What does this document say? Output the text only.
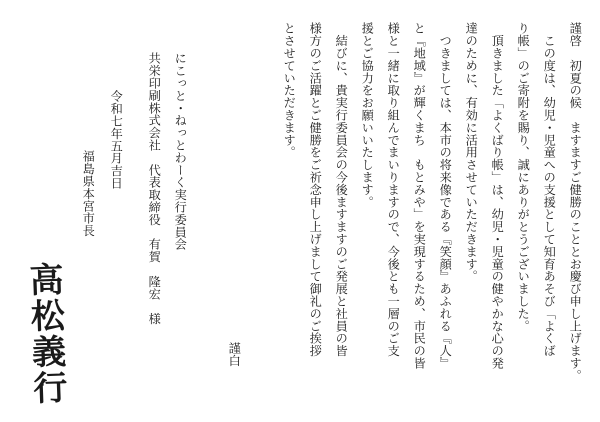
謹啓　初夏の候　ますますご健勝のこととお慶び申し上げます。
　この度は、幼児・児童への支援として知育あそび「よくば
り帳」のご寄附を賜り、誠にありがとうございました。
　頂きました「よくばり帳」は、幼児・児童の健やかな心の発
達のために、有効に活用させていただきます。
　つきましては、本市の将来像である『笑顔』あふれる『人』
と『地域』が輝くまち　もとみや」を実現するため、市民の皆
様と一緒に取り組んでまいりますので、今後とも一層のご支
援とご協力をお願いいたします。
　結びに、貴実行委員会の今後ますますのご発展と社員の皆
様方のご活躍とご健勝をご祈念申し上げまして御礼のご挨拶
とさせていただきます。
謹白
にこっと・ねっとわーく実行委員会
共栄印刷株式会社　代表取締役　有賀　隆宏　様
令和七年五月吉日
福島県本宮市長
高松義行
